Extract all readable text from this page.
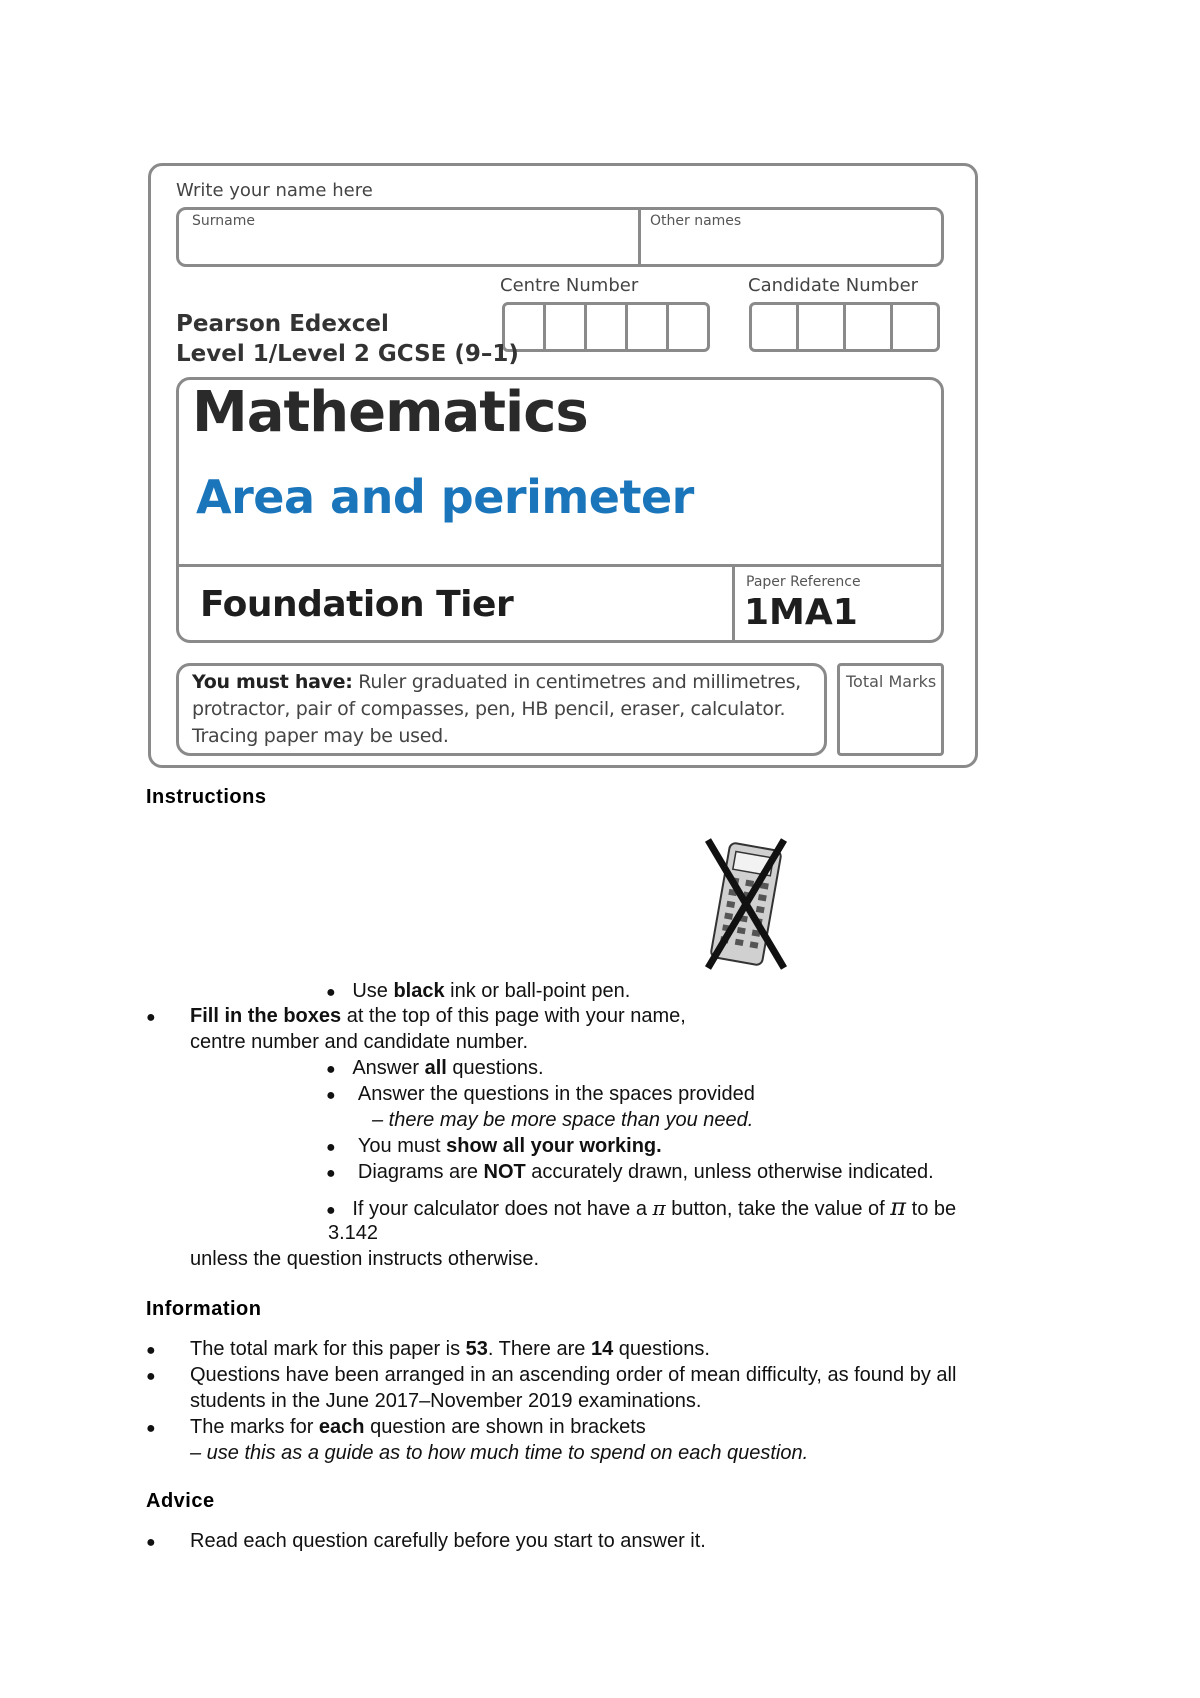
Write your name here
Surname	Other names
Centre Number	Candidate Number
Pearson Edexcel
Level 1/Level 2 GCSE (9–1)
Mathematics
Area and perimeter
Foundation Tier
Paper Reference
1MA1
You must have: Ruler graduated in centimetres and millimetres,
protractor, pair of compasses, pen, HB pencil, eraser, calculator.
Tracing paper may be used.
Total Marks
Instructions
● Use black ink or ball-point pen.
● Fill in the boxes at the top of this page with your name,
centre number and candidate number.
● Answer all questions.
● Answer the questions in the spaces provided
– there may be more space than you need.
● You must show all your working.
● Diagrams are NOT accurately drawn, unless otherwise indicated.
● If your calculator does not have a π button, take the value of π to be
3.142
unless the question instructs otherwise.
Information
● The total mark for this paper is 53. There are 14 questions.
● Questions have been arranged in an ascending order of mean difficulty, as found by all
students in the June 2017–November 2019 examinations.
● The marks for each question are shown in brackets
– use this as a guide as to how much time to spend on each question.
Advice
● Read each question carefully before you start to answer it.
